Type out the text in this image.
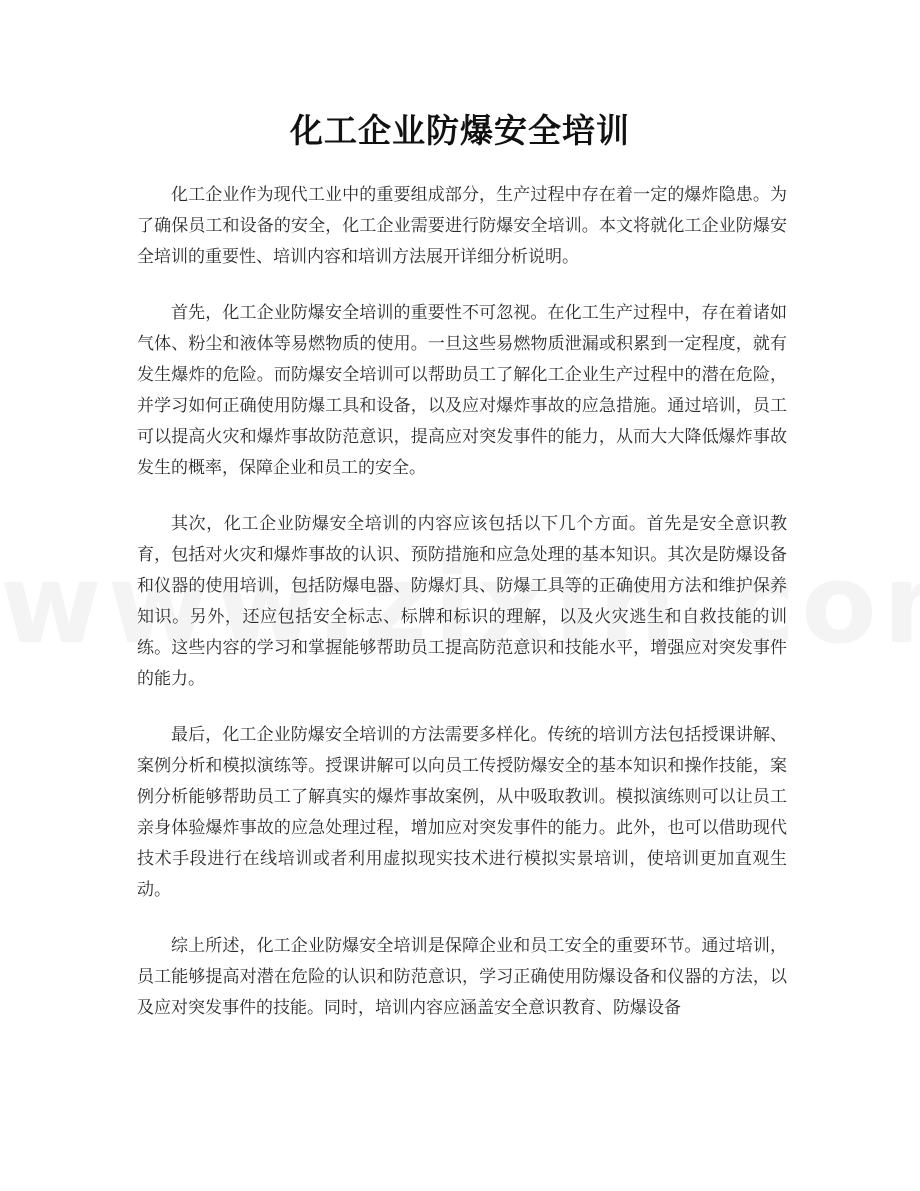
化工企业防爆安全培训

化工企业作为现代工业中的重要组成部分，生产过程中存在着一定的爆炸隐患。为了确保员工和设备的安全，化工企业需要进行防爆安全培训。本文将就化工企业防爆安全培训的重要性、培训内容和培训方法展开详细分析说明。

首先，化工企业防爆安全培训的重要性不可忽视。在化工生产过程中，存在着诸如气体、粉尘和液体等易燃物质的使用。一旦这些易燃物质泄漏或积累到一定程度，就有发生爆炸的危险。而防爆安全培训可以帮助员工了解化工企业生产过程中的潜在危险，并学习如何正确使用防爆工具和设备，以及应对爆炸事故的应急措施。通过培训，员工可以提高火灾和爆炸事故防范意识，提高应对突发事件的能力，从而大大降低爆炸事故发生的概率，保障企业和员工的安全。

其次，化工企业防爆安全培训的内容应该包括以下几个方面。首先是安全意识教育，包括对火灾和爆炸事故的认识、预防措施和应急处理的基本知识。其次是防爆设备和仪器的使用培训，包括防爆电器、防爆灯具、防爆工具等的正确使用方法和维护保养知识。另外，还应包括安全标志、标牌和标识的理解，以及火灾逃生和自救技能的训练。这些内容的学习和掌握能够帮助员工提高防范意识和技能水平，增强应对突发事件的能力。

最后，化工企业防爆安全培训的方法需要多样化。传统的培训方法包括授课讲解、案例分析和模拟演练等。授课讲解可以向员工传授防爆安全的基本知识和操作技能，案例分析能够帮助员工了解真实的爆炸事故案例，从中吸取教训。模拟演练则可以让员工亲身体验爆炸事故的应急处理过程，增加应对突发事件的能力。此外，也可以借助现代技术手段进行在线培训或者利用虚拟现实技术进行模拟实景培训，使培训更加直观生动。

综上所述，化工企业防爆安全培训是保障企业和员工安全的重要环节。通过培训，员工能够提高对潜在危险的认识和防范意识，学习正确使用防爆设备和仪器的方法，以及应对突发事件的技能。同时，培训内容应涵盖安全意识教育、防爆设备
